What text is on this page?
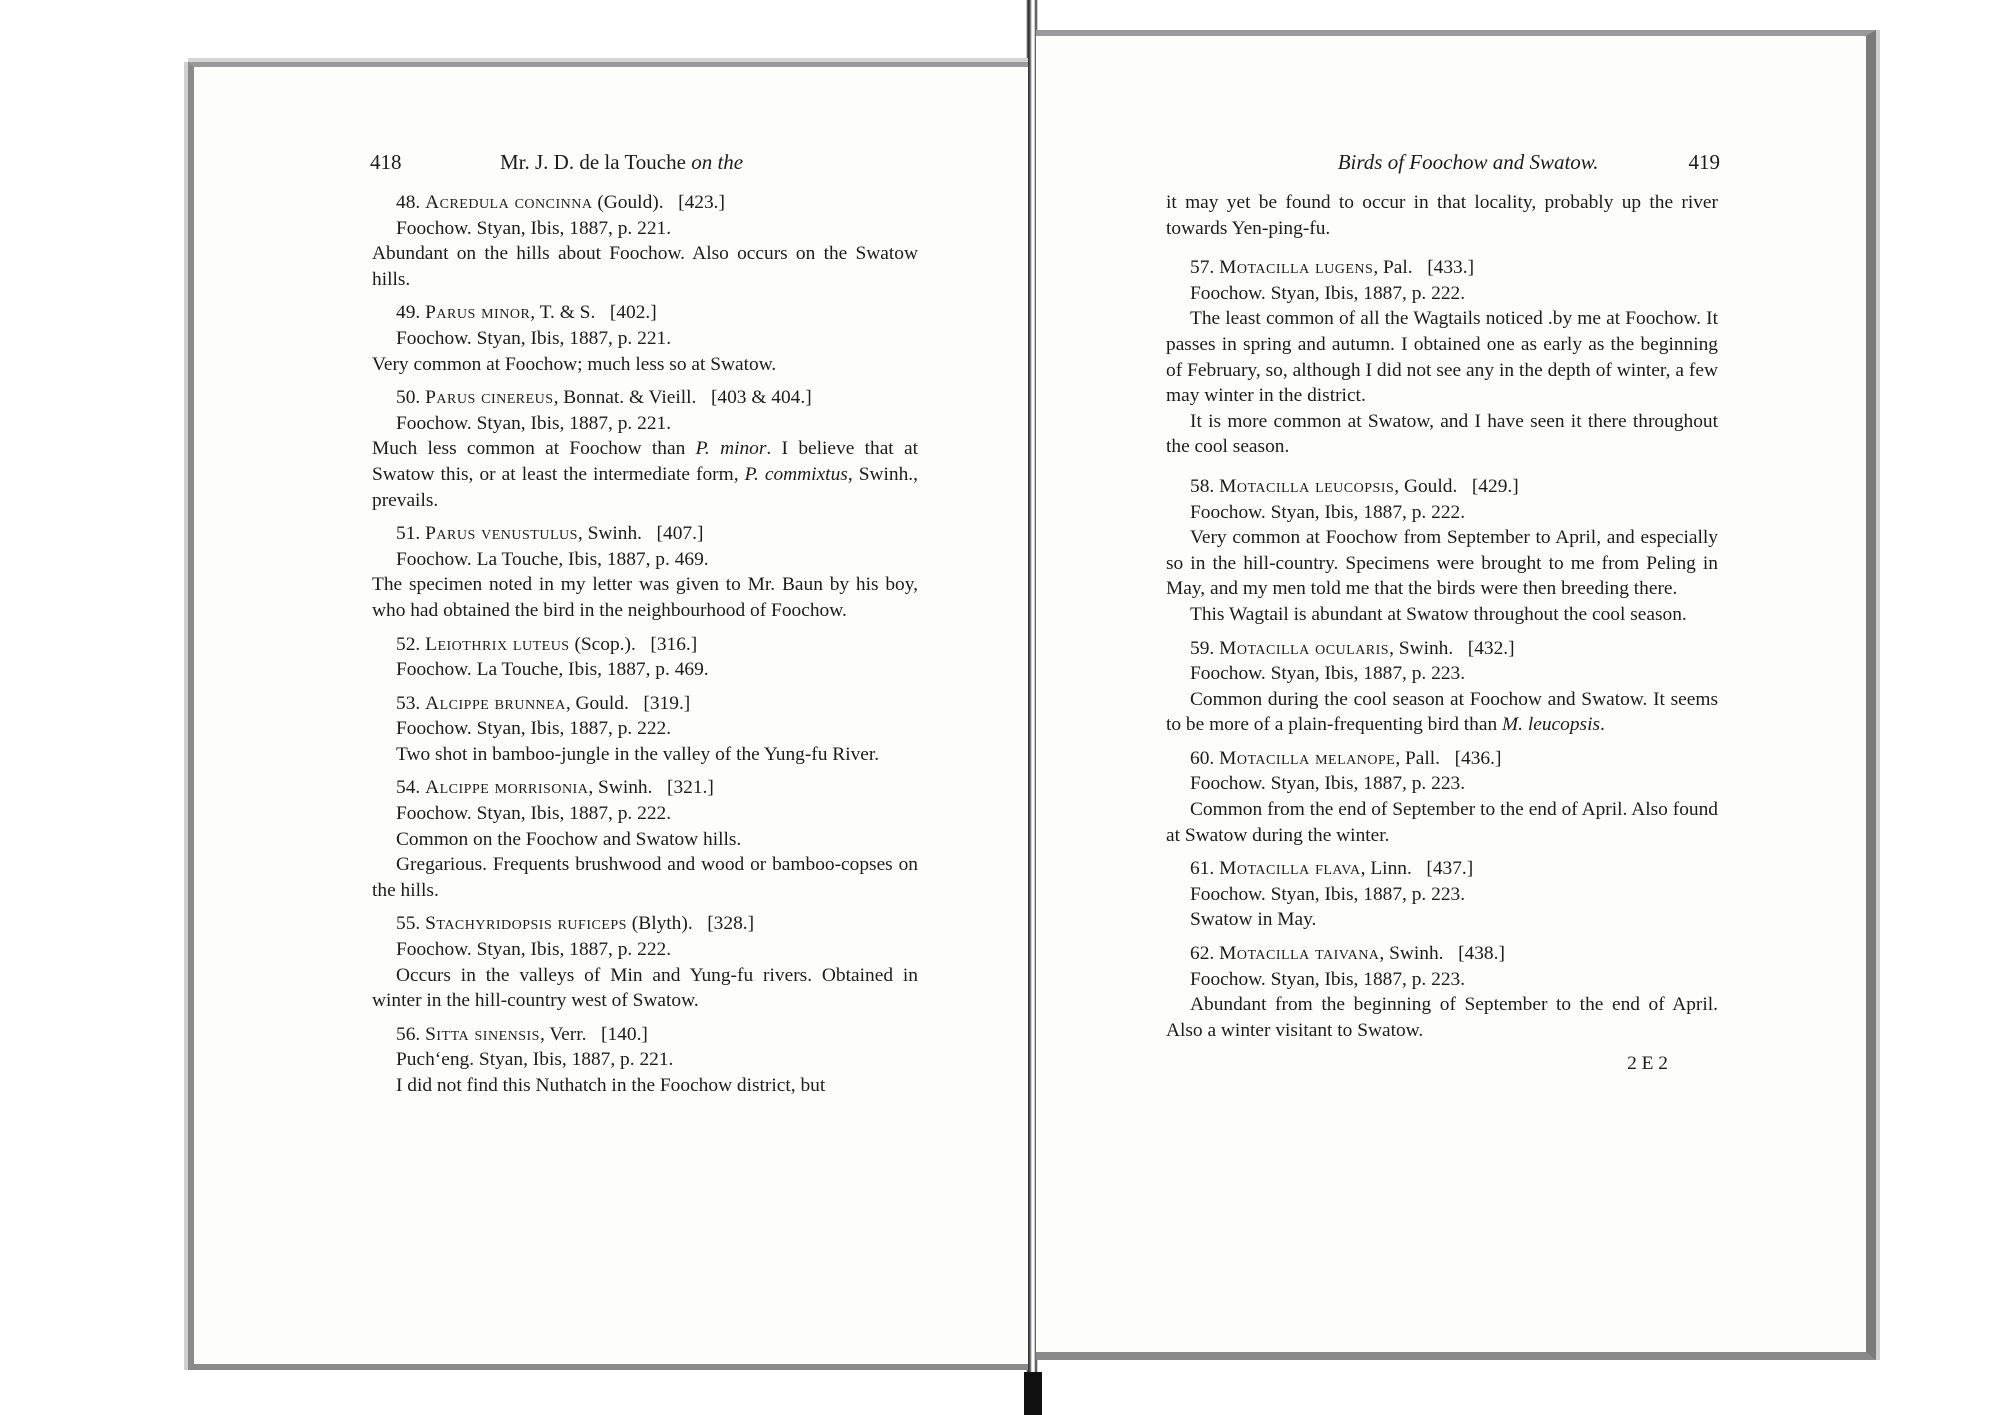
418	Mr. J. D. de la Touche on the	Birds of Foochow and Swatow.	419
48. Acredula concinna (Gould). [423.]
Foochow. Styan, Ibis, 1887, p. 221.
Abundant on the hills about Foochow. Also occurs on the Swatow hills.
49. Parus minor, T. & S. [402.]
Foochow. Styan, Ibis, 1887, p. 221.
Very common at Foochow; much less so at Swatow.
50. Parus cinereus, Bonnat. & Vieill. [403 & 404.]
Foochow. Styan, Ibis, 1887, p. 221.
Much less common at Foochow than P. minor. I believe that at Swatow this, or at least the intermediate form, P. commixtus, Swinh., prevails.
51. Parus venustulus, Swinh. [407.]
Foochow. La Touche, Ibis, 1887, p. 469.
The specimen noted in my letter was given to Mr. Baun by his boy, who had obtained the bird in the neighbourhood of Foochow.
52. Leiothrix luteus (Scop.). [316.]
Foochow. La Touche, Ibis, 1887, p. 469.
53. Alcippe brunnea, Gould. [319.]
Foochow. Styan, Ibis, 1887, p. 222.
Two shot in bamboo-jungle in the valley of the Yung-fu River.
54. Alcippe morrisonia, Swinh. [321.]
Foochow. Styan, Ibis, 1887, p. 222.
Common on the Foochow and Swatow hills.
Gregarious. Frequents brushwood and wood or bamboo-copses on the hills.
55. Stachyridopsis ruficeps (Blyth). [328.]
Foochow. Styan, Ibis, 1887, p. 222.
Occurs in the valleys of Min and Yung-fu rivers. Obtained in winter in the hill-country west of Swatow.
56. Sitta sinensis, Verr. [140.]
Puchʻeng. Styan, Ibis, 1887, p. 221.
I did not find this Nuthatch in the Foochow district, but
it may yet be found to occur in that locality, probably up the river towards Yen-ping-fu.
57. Motacilla lugens, Pal. [433.]
Foochow. Styan, Ibis, 1887, p. 222.
The least common of all the Wagtails noticed .by me at Foochow. It passes in spring and autumn. I obtained one as early as the beginning of February, so, although I did not see any in the depth of winter, a few may winter in the district.
It is more common at Swatow, and I have seen it there throughout the cool season.
58. Motacilla leucopsis, Gould. [429.]
Foochow. Styan, Ibis, 1887, p. 222.
Very common at Foochow from September to April, and especially so in the hill-country. Specimens were brought to me from Peling in May, and my men told me that the birds were then breeding there.
This Wagtail is abundant at Swatow throughout the cool season.
59. Motacilla ocularis, Swinh. [432.]
Foochow. Styan, Ibis, 1887, p. 223.
Common during the cool season at Foochow and Swatow. It seems to be more of a plain-frequenting bird than M. leucopsis.
60. Motacilla melanope, Pall. [436.]
Foochow. Styan, Ibis, 1887, p. 223.
Common from the end of September to the end of April. Also found at Swatow during the winter.
61. Motacilla flava, Linn. [437.]
Foochow. Styan, Ibis, 1887, p. 223.
Swatow in May.
62. Motacilla taivana, Swinh. [438.]
Foochow. Styan, Ibis, 1887, p. 223.
Abundant from the beginning of September to the end of April. Also a winter visitant to Swatow.
2 E 2
